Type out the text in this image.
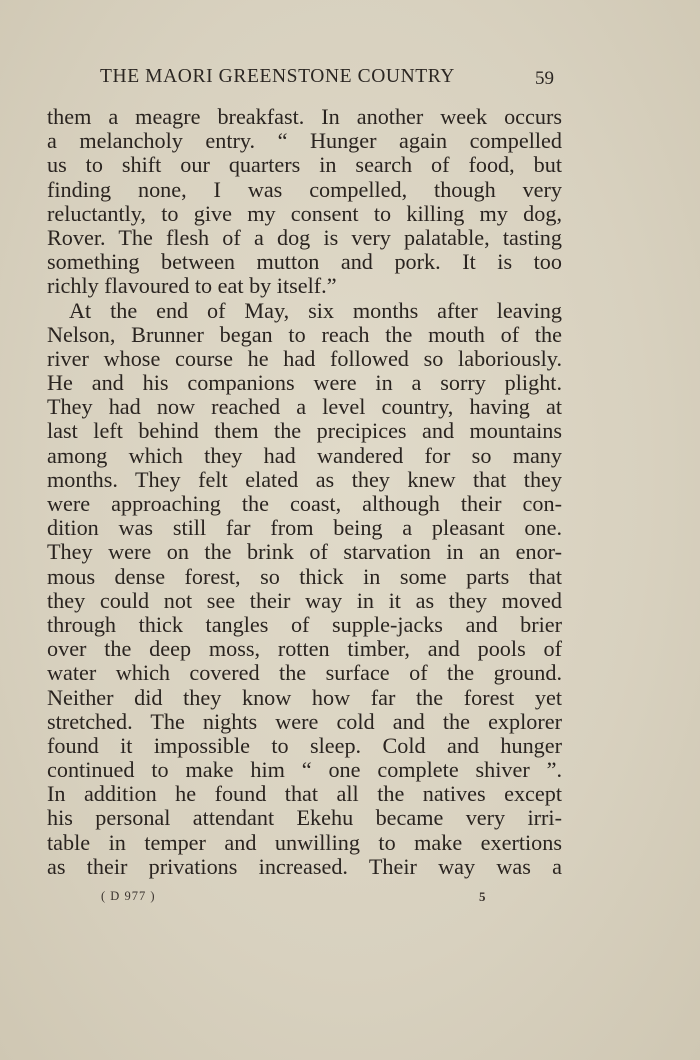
THE MAORI GREENSTONE COUNTRY	59
them a meagre breakfast. In another week occurs
a melancholy entry. “ Hunger again compelled
us to shift our quarters in search of food, but
finding none, I was compelled, though very
reluctantly, to give my consent to killing my dog,
Rover. The flesh of a dog is very palatable, tasting
something between mutton and pork. It is too
richly flavoured to eat by itself.”
At the end of May, six months after leaving
Nelson, Brunner began to reach the mouth of the
river whose course he had followed so laboriously.
He and his companions were in a sorry plight.
They had now reached a level country, having at
last left behind them the precipices and mountains
among which they had wandered for so many
months. They felt elated as they knew that they
were approaching the coast, although their con-
dition was still far from being a pleasant one.
They were on the brink of starvation in an enor-
mous dense forest, so thick in some parts that
they could not see their way in it as they moved
through thick tangles of supple-jacks and brier
over the deep moss, rotten timber, and pools of
water which covered the surface of the ground.
Neither did they know how far the forest yet
stretched. The nights were cold and the explorer
found it impossible to sleep. Cold and hunger
continued to make him “ one complete shiver ”.
In addition he found that all the natives except
his personal attendant Ekehu became very irri-
table in temper and unwilling to make exertions
as their privations increased. Their way was a
( D 977 )	5
